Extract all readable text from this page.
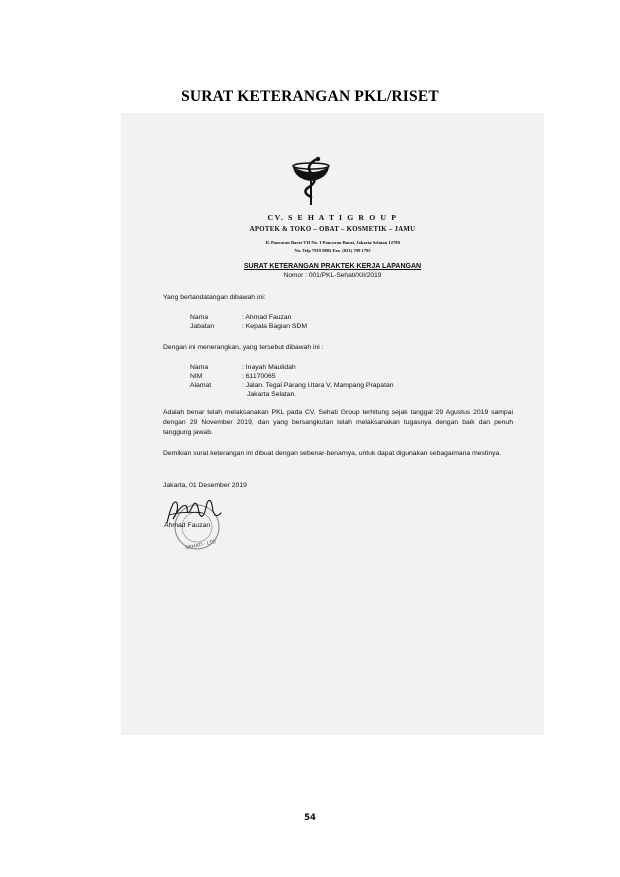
SURAT KETERANGAN PKL/RISET
CV. S E H A T I G R O U P
APOTEK & TOKO – OBAT – KOSMETIK – JAMU
Jl. Pancoran Barat VII No. 1 Pancoran Barat, Jakarta Selatan 12780
No. Telp 7919 0882 Fax. (021) 799 1795
SURAT KETERANGAN PRAKTEK KERJA LAPANGAN
Nomor : 001/PKL-Sehati/XII/2019
Yang bertandatangan dibawah ini:
Nama	: Ahmad Fauzan
Jabatan	: Kepala Bagian SDM
Dengan ini menerangkan, yang tersebut dibawah ini :
Nama	: Inayah Maulidah
NIM	: 61170065
Alamat	: Jalan. Tegal Parang Utara V, Mampang Prapatan
Jakarta Selatan.
Adalah benar telah melaksanakan PKL pada CV. Sehati Group terhitung sejak tanggal 29 Agustus 2019 sampai dengan 29 November 2019, dan yang bersangkutan telah melaksanakan tugasnya dengan baik dan penuh tanggung jawab.
Demikian surat keterangan ini dibuat dengan sebenar-benarnya, untuk dapat digunakan sebagaimana mestinya.
Jakarta, 01 Desember 2019
SEHATI · LTD
Ahmad Fauzan
54
